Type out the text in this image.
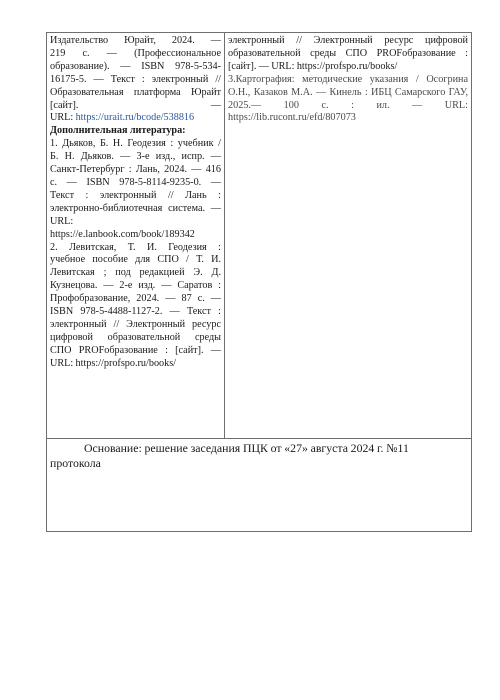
Издательство Юрайт, 2024. —

219 с. — (Профессиональное

образование). — ISBN 978-5-534-

16175-5. — Текст : электронный //

Образовательная платформа Юрайт

[сайт]. —

URL: https://urait.ru/bcode/538816

Дополнительная литература:

1. Дьяков, Б. Н. Геодезия : учебник /

Б. Н. Дьяков. — 3-е изд., испр. —

Санкт-Петербург : Лань, 2024. — 416

с. — ISBN 978-5-8114-9235-0. —

Текст : электронный // Лань :

электронно-библиотечная система. —

URL:

https://e.lanbook.com/book/189342

2. Левитская, Т. И. Геодезия :

учебное пособие для СПО / Т. И.

Левитская ; под редакцией Э. Д.

Кузнецова. — 2-е изд. — Саратов :

Профобразование, 2024. — 87 с. —

ISBN 978-5-4488-1127-2. — Текст :

электронный // Электронный ресурс

цифровой образовательной среды

СПО PROFобразование : [сайт]. —

URL: https://profspo.ru/books/

электронный // Электронный ресурс цифровой

образовательной среды СПО PROFобразование :

[сайт]. — URL: https://profspo.ru/books/

3.Картография: методические указания / Осогрина

О.Н., Казаков М.А. — Кинель : ИБЦ Самарского ГАУ,

2025.— 100 с. : ил. — URL:

https://lib.rucont.ru/efd/807073

Основание: решение заседания ПЦК от «27» августа 2024 г. №11

протокола
